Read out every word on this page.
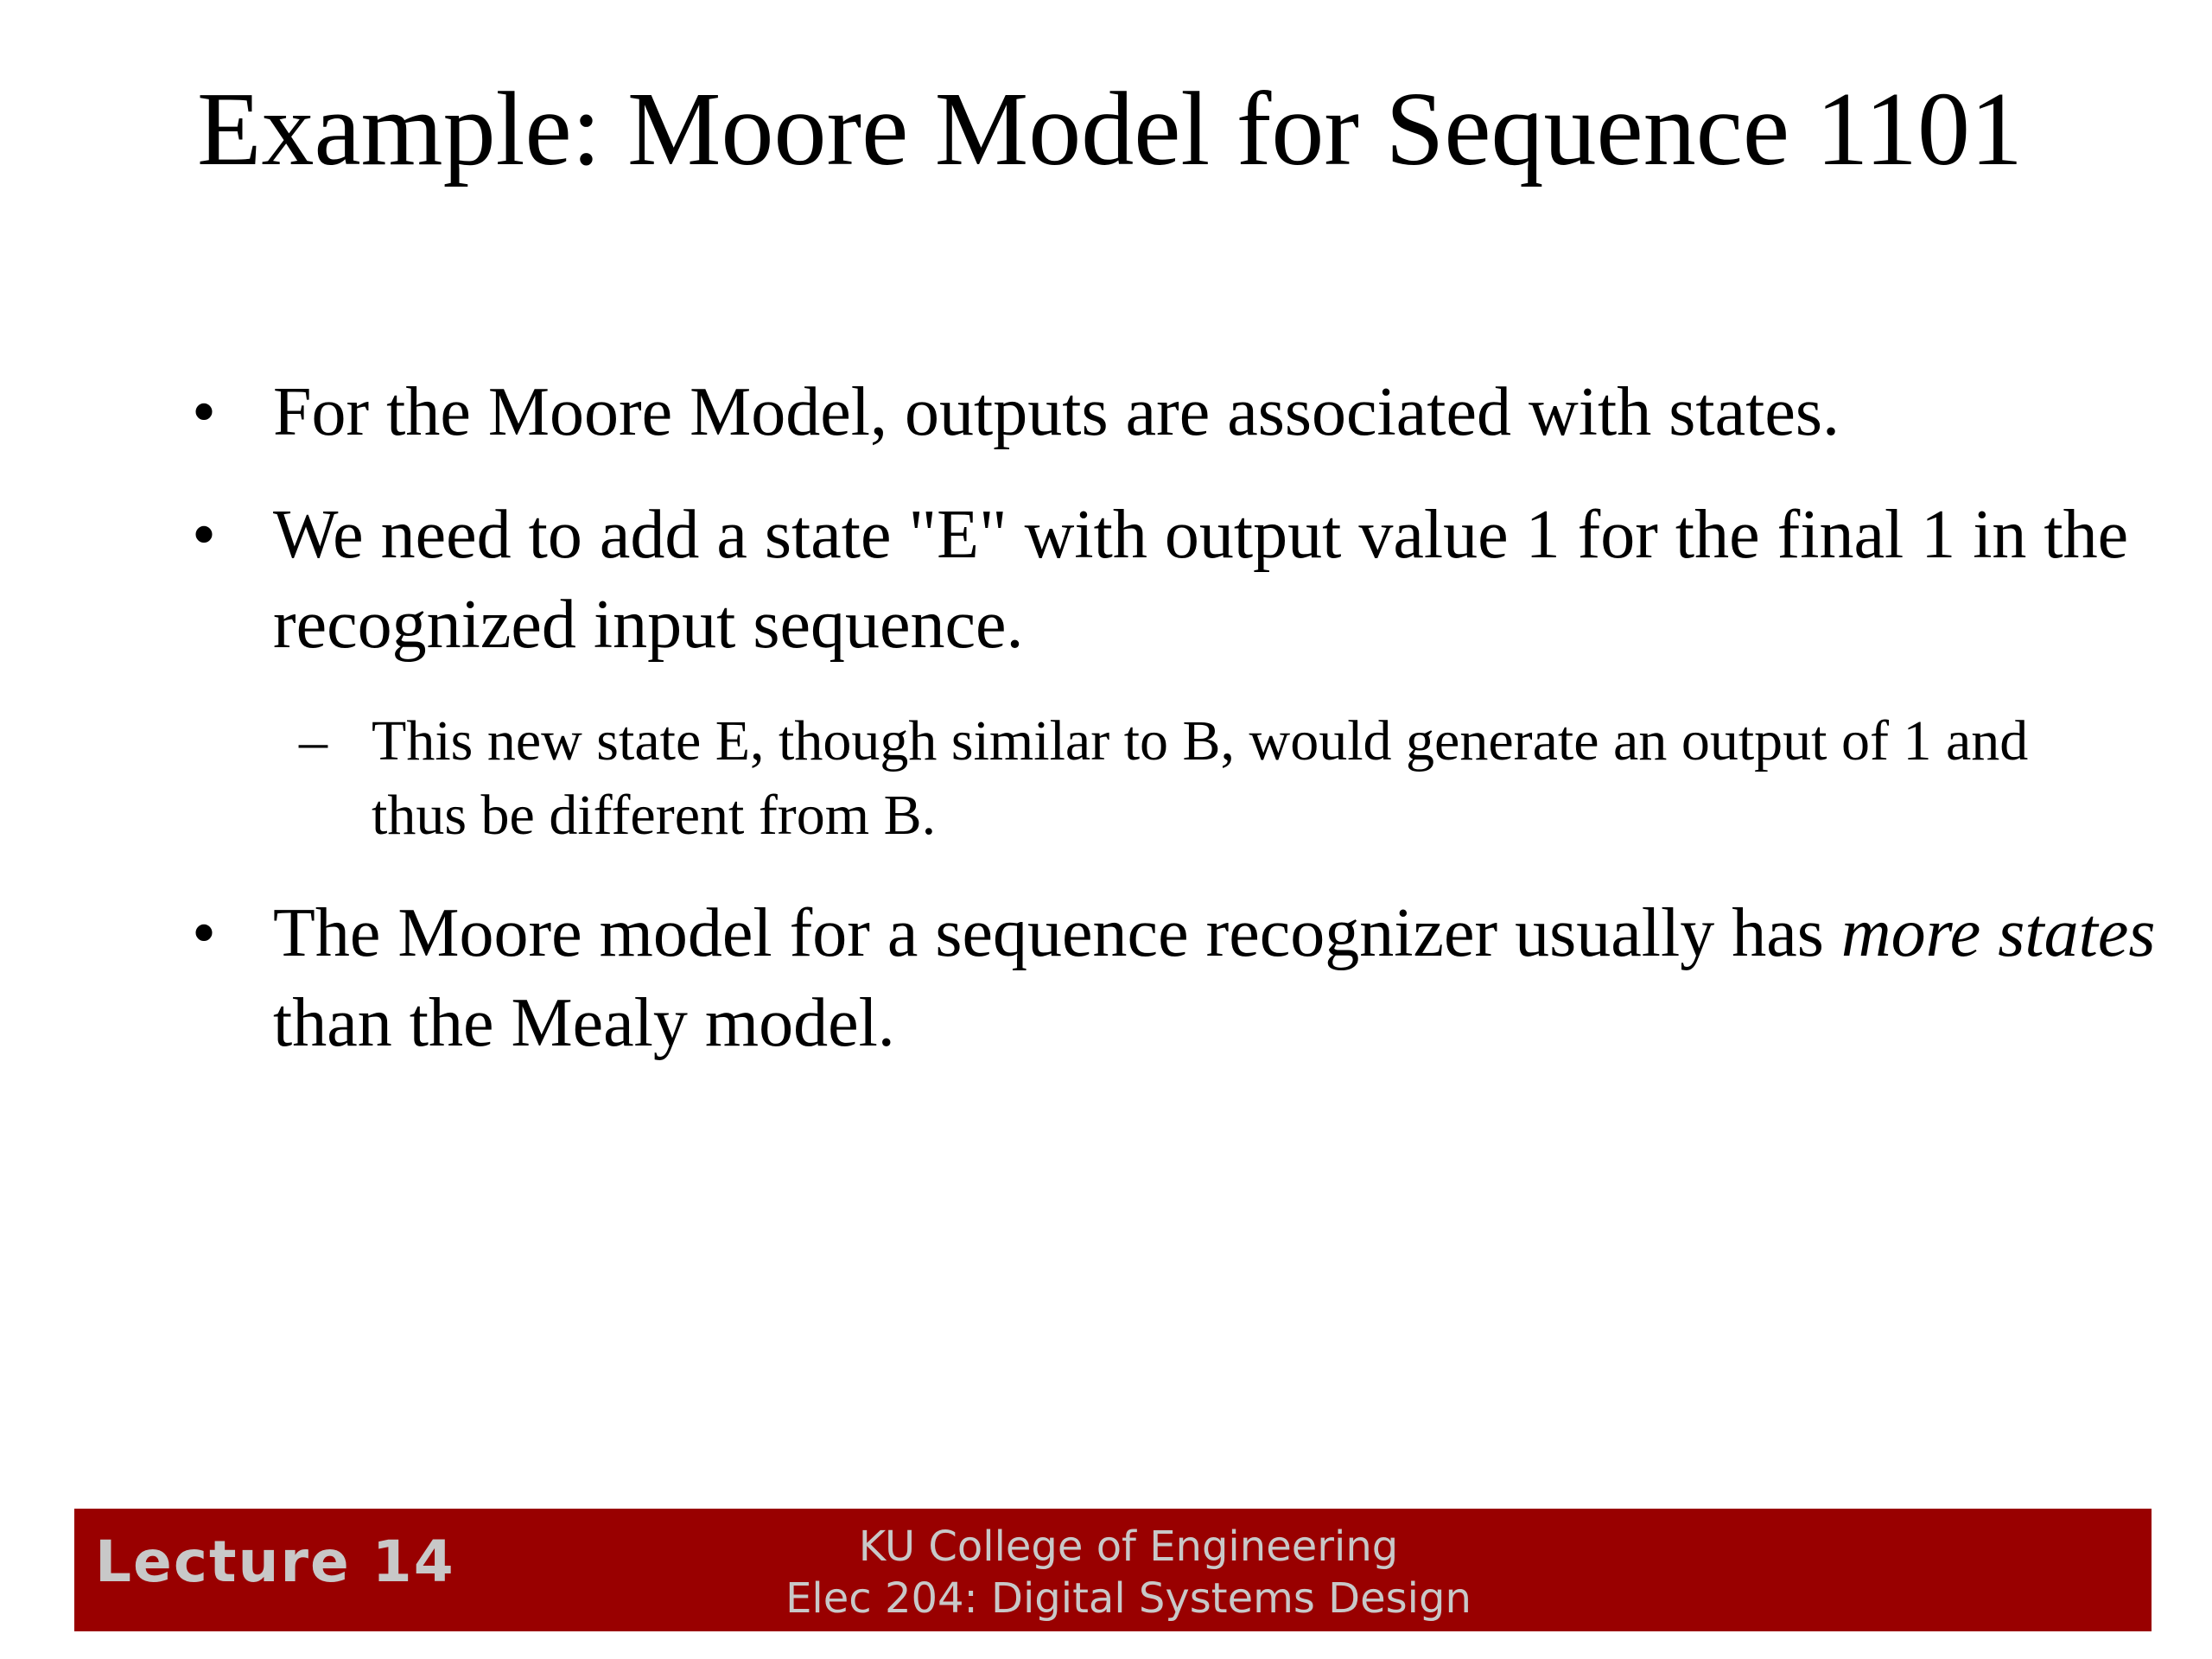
Example: Moore Model for Sequence 1101
• For the Moore Model, outputs are associated with states.
• We need to add a state "E" with output value 1 for the final 1 in the recognized input sequence.
– This new state E, though similar to B, would generate an output of 1 and thus be different from B.
• The Moore model for a sequence recognizer usually has more states than the Mealy model.
Lecture 14	KU College of Engineering
Elec 204: Digital Systems Design
